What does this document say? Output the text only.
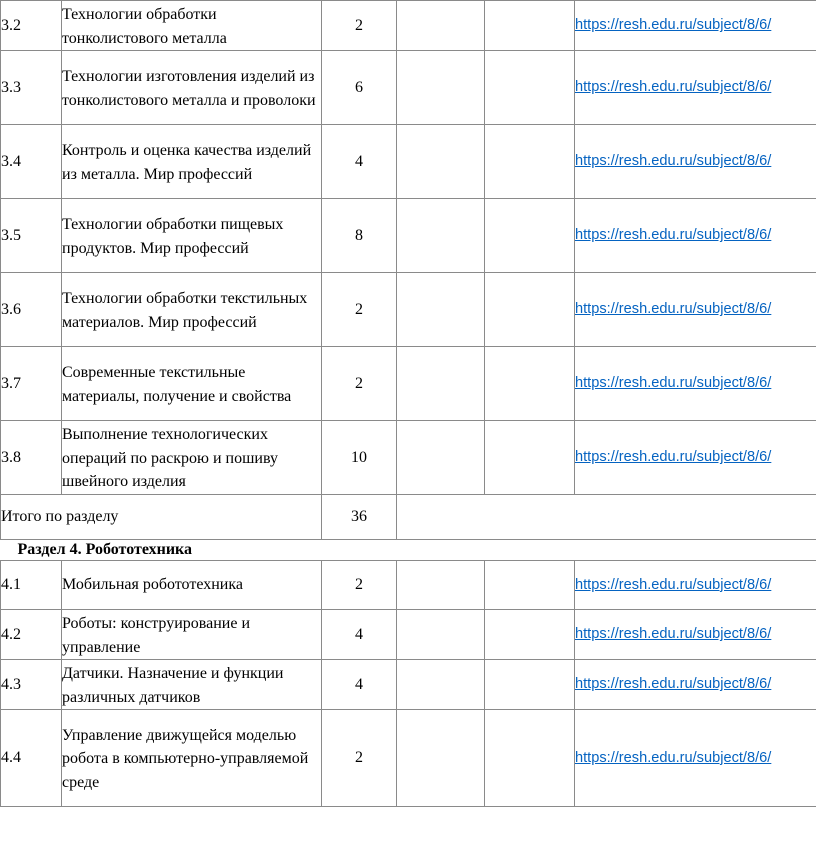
3.2	Технологии обработки тонколистового металла	2			https://resh.edu.ru/subject/8/6/
3.3	Технологии изготовления изделий из тонколистового металла и проволоки	6			https://resh.edu.ru/subject/8/6/
3.4	Контроль и оценка качества изделий из металла. Мир профессий	4			https://resh.edu.ru/subject/8/6/
3.5	Технологии обработки пищевых продуктов. Мир профессий	8			https://resh.edu.ru/subject/8/6/
3.6	Технологии обработки текстильных материалов. Мир профессий	2			https://resh.edu.ru/subject/8/6/
3.7	Современные текстильные материалы, получение и свойства	2			https://resh.edu.ru/subject/8/6/
3.8	Выполнение технологических операций по раскрою и пошиву швейного изделия	10			https://resh.edu.ru/subject/8/6/
Итого по разделу		36			
Раздел 4. Робототехника					
4.1	Мобильная робототехника	2			https://resh.edu.ru/subject/8/6/
4.2	Роботы: конструирование и управление	4			https://resh.edu.ru/subject/8/6/
4.3	Датчики. Назначение и функции различных датчиков	4			https://resh.edu.ru/subject/8/6/
4.4	Управление движущейся моделью робота в компьютерно-управляемой среде	2			https://resh.edu.ru/subject/8/6/
